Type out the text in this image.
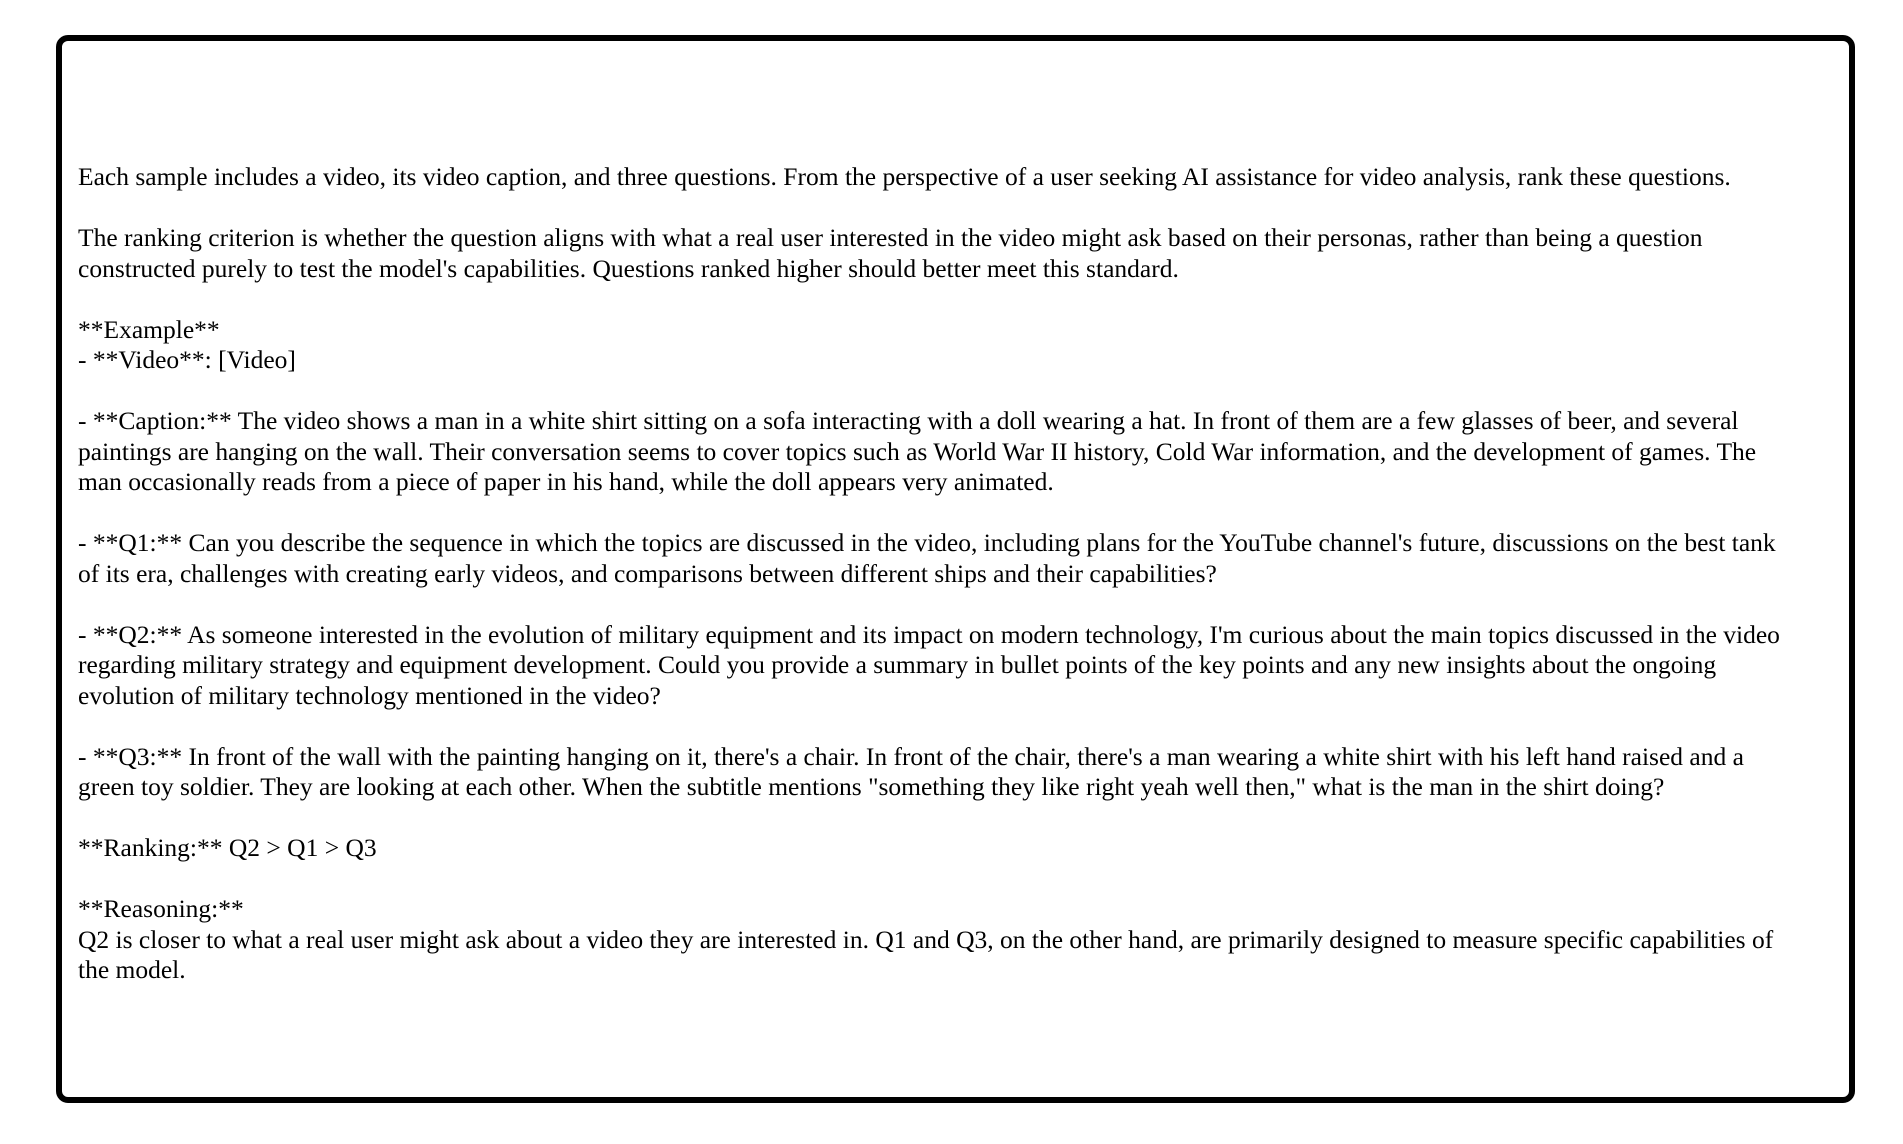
Each sample includes a video, its video caption, and three questions. From the perspective of a user seeking AI assistance for video analysis, rank these questions.

The ranking criterion is whether the question aligns with what a real user interested in the video might ask based on their personas, rather than being a question
constructed purely to test the model's capabilities. Questions ranked higher should better meet this standard.

**Example**
- **Video**: [Video]

- **Caption:** The video shows a man in a white shirt sitting on a sofa interacting with a doll wearing a hat. In front of them are a few glasses of beer, and several
paintings are hanging on the wall. Their conversation seems to cover topics such as World War II history, Cold War information, and the development of games. The
man occasionally reads from a piece of paper in his hand, while the doll appears very animated.

- **Q1:** Can you describe the sequence in which the topics are discussed in the video, including plans for the YouTube channel's future, discussions on the best tank
of its era, challenges with creating early videos, and comparisons between different ships and their capabilities?

- **Q2:** As someone interested in the evolution of military equipment and its impact on modern technology, I'm curious about the main topics discussed in the video
regarding military strategy and equipment development. Could you provide a summary in bullet points of the key points and any new insights about the ongoing
evolution of military technology mentioned in the video?

- **Q3:** In front of the wall with the painting hanging on it, there's a chair. In front of the chair, there's a man wearing a white shirt with his left hand raised and a
green toy soldier. They are looking at each other. When the subtitle mentions "something they like right yeah well then," what is the man in the shirt doing?

**Ranking:** Q2 > Q1 > Q3

**Reasoning:**
Q2 is closer to what a real user might ask about a video they are interested in. Q1 and Q3, on the other hand, are primarily designed to measure specific capabilities of
the model.
